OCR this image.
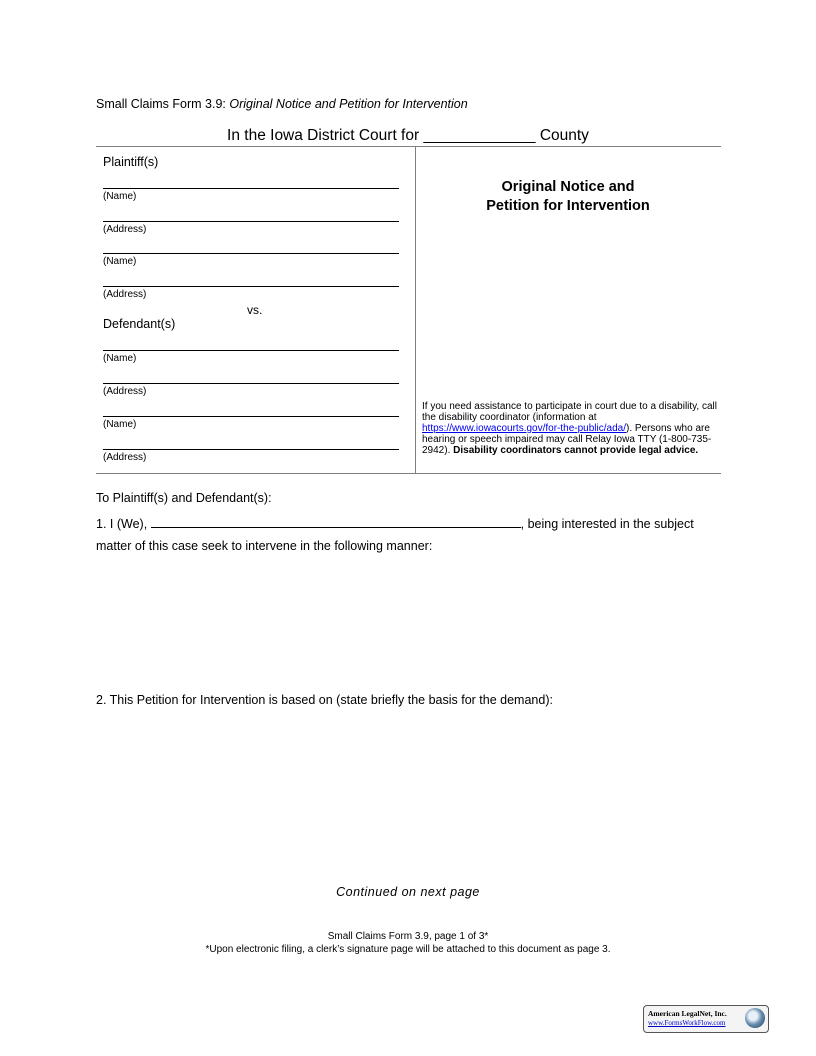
Small Claims Form 3.9: Original Notice and Petition for Intervention
In the Iowa District Court for _____________ County
Plaintiff(s)
(Name)
(Address)
(Name)
(Address)
vs.
Defendant(s)
(Name)
(Address)
(Name)
(Address)
Original Notice and
Petition for Intervention
If you need assistance to participate in court due to a disability, call the disability coordinator (information at https://www.iowacourts.gov/for-the-public/ada/). Persons who are hearing or speech impaired may call Relay Iowa TTY (1-800-735-2942). Disability coordinators cannot provide legal advice.
To Plaintiff(s) and Defendant(s):
1. I (We),	, being interested in the subject
matter of this case seek to intervene in the following manner:
2. This Petition for Intervention is based on (state briefly the basis for the demand):
Continued on next page
Small Claims Form 3.9, page 1 of 3*
*Upon electronic filing, a clerk’s signature page will be attached to this document as page 3.
American LegalNet, Inc.
www.FormsWorkFlow.com
